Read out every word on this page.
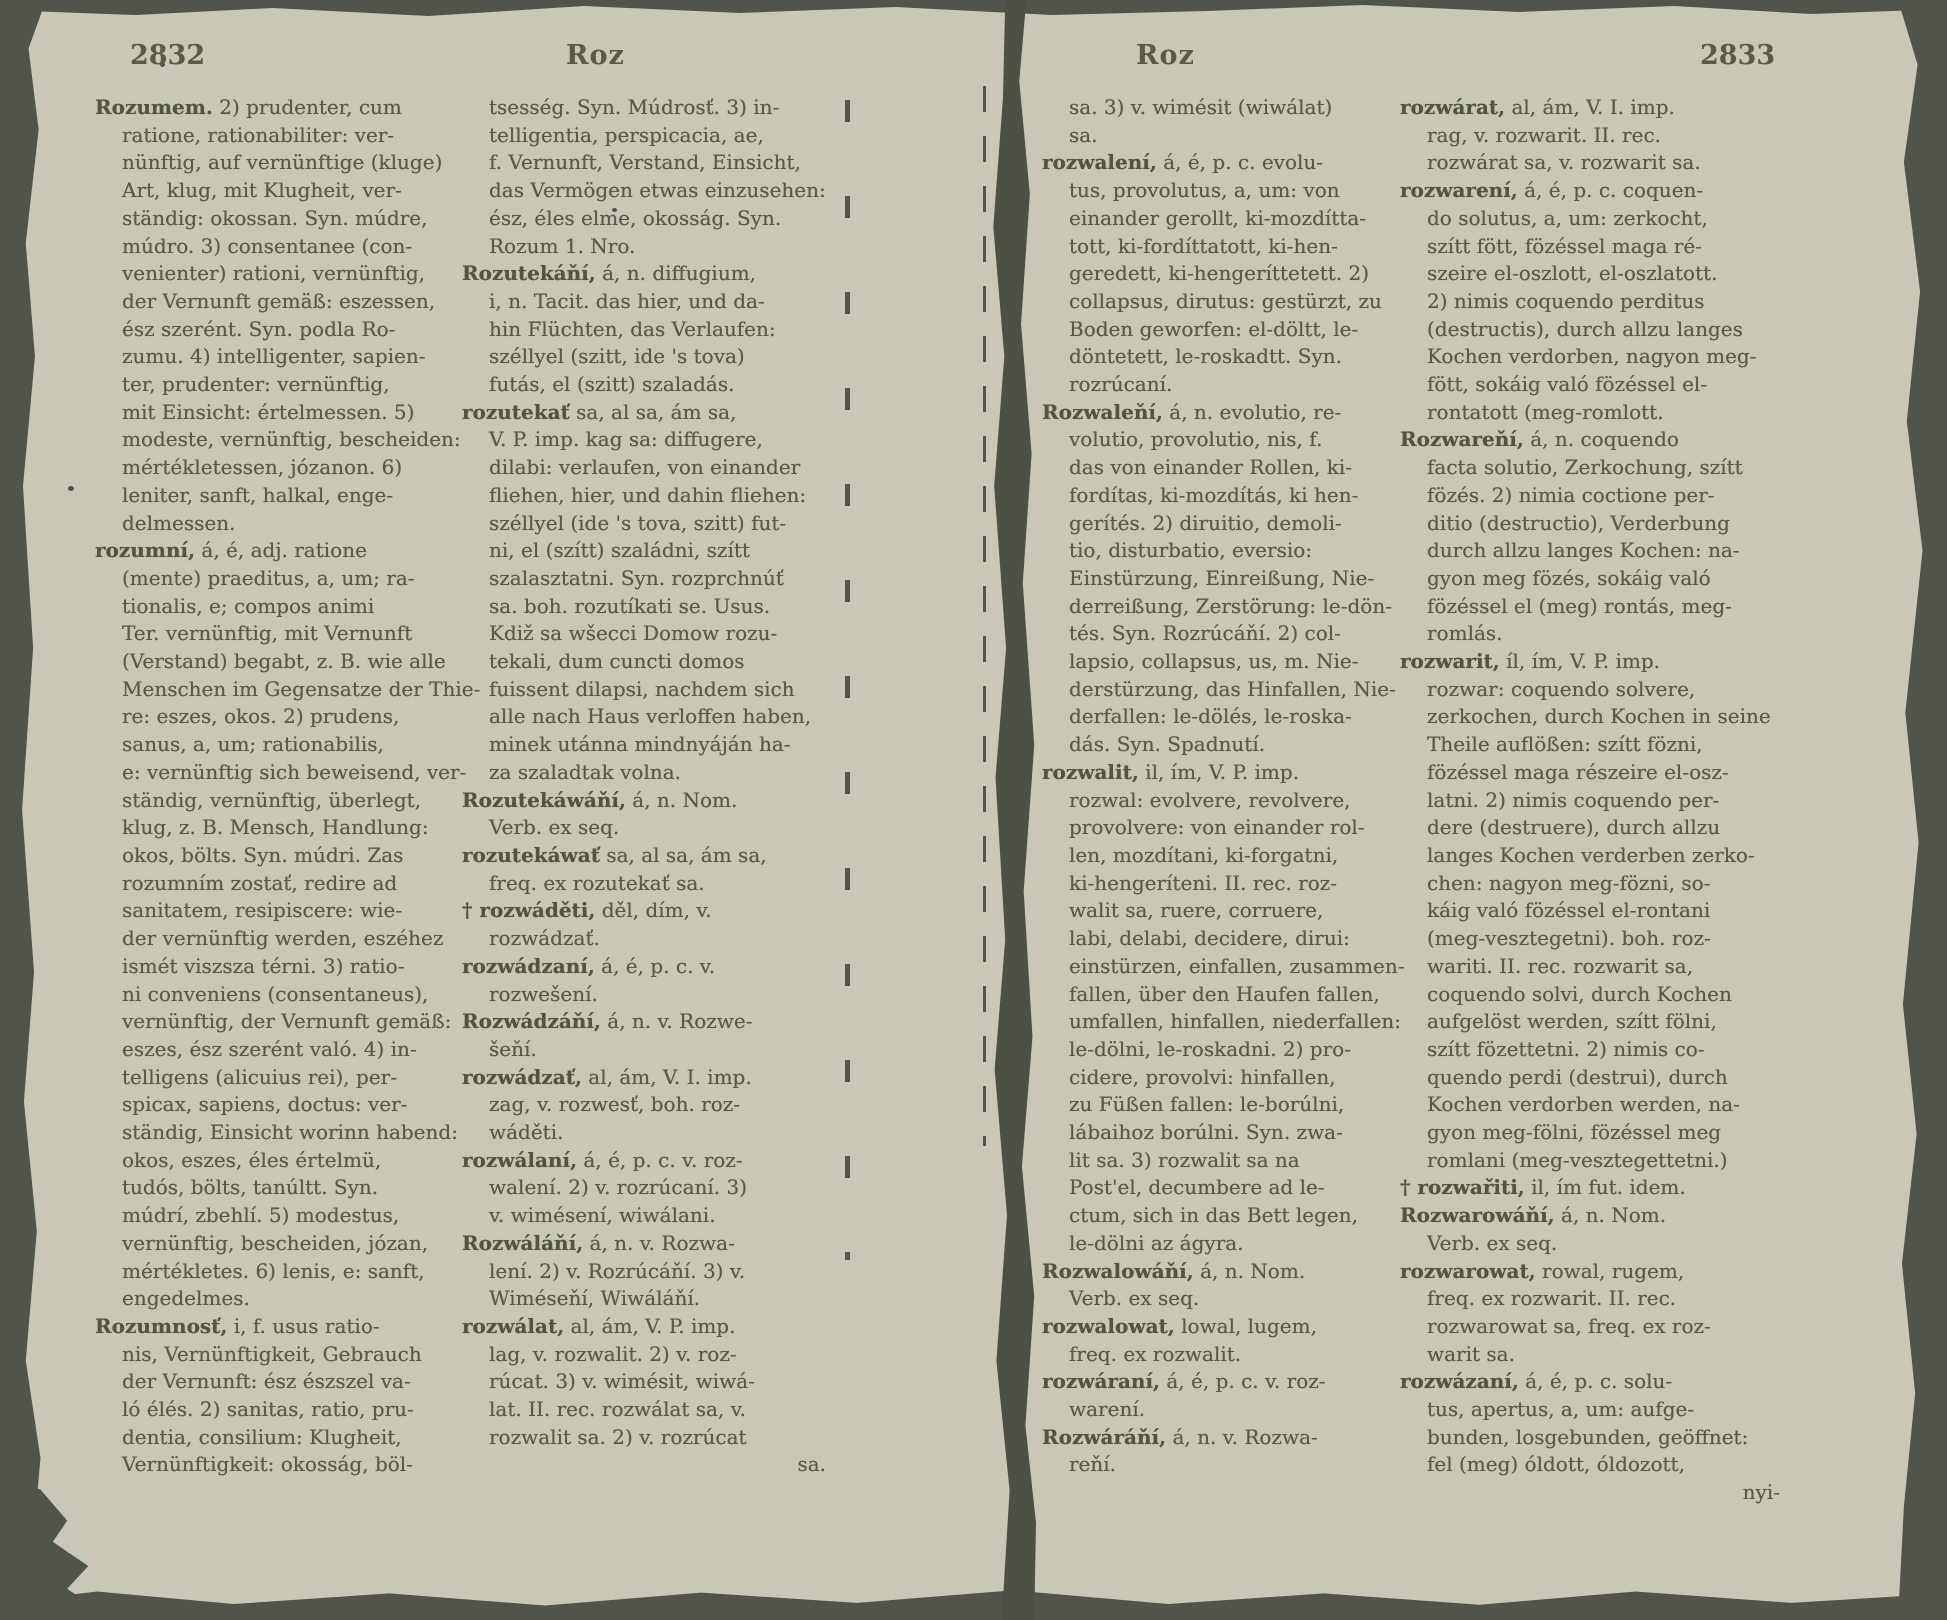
2832	Roz
Rozumem. 2) prudenter, cum
ratione, rationabiliter: ver-
nünftig, auf vernünftige (kluge)
Art, klug, mit Klugheit, ver-
ständig: okossan. Syn. múdre,
múdro. 3) consentanee (con-
venienter) rationi, vernünftig,
der Vernunft gemäß: eszessen,
ész szerént. Syn. podla Ro-
zumu. 4) intelligenter, sapien-
ter, prudenter: vernünftig,
mit Einsicht: értelmessen. 5)
modeste, vernünftig, bescheiden:
mértékletessen, józanon. 6)
leniter, sanft, halkal, enge-
delmessen.
rozumní, á, é, adj. ratione
(mente) praeditus, a, um; ra-
tionalis, e; compos animi
Ter. vernünftig, mit Vernunft
(Verstand) begabt, z. B. wie alle
Menschen im Gegensatze der Thie-
re: eszes, okos. 2) prudens,
sanus, a, um; rationabilis,
e: vernünftig sich beweisend, ver-
ständig, vernünftig, überlegt,
klug, z. B. Mensch, Handlung:
okos, bölts. Syn. múdri. Zas
rozumním zostať, redire ad
sanitatem, resipiscere: wie-
der vernünftig werden, eszéhez
ismét viszsza térni. 3) ratio-
ni conveniens (consentaneus),
vernünftig, der Vernunft gemäß:
eszes, ész szerént való. 4) in-
telligens (alicuius rei), per-
spicax, sapiens, doctus: ver-
ständig, Einsicht worinn habend:
okos, eszes, éles értelmü,
tudós, bölts, tanúltt. Syn.
múdrí, zbehlí. 5) modestus,
vernünftig, bescheiden, józan,
mértékletes. 6) lenis, e: sanft,
engedelmes.
Rozumnosť, i, f. usus ratio-
nis, Vernünftigkeit, Gebrauch
der Vernunft: ész észszel va-
ló élés. 2) sanitas, ratio, pru-
dentia, consilium: Klugheit,
Vernünftigkeit: okosság, böl-
tsesség. Syn. Múdrosť. 3) in-
telligentia, perspicacia, ae,
f. Vernunft, Verstand, Einsicht,
das Vermögen etwas einzusehen:
ész, éles elme, okosság. Syn.
Rozum 1. Nro.
Rozutekáňí, á, n. diffugium,
i, n. Tacit. das hier, und da-
hin Flüchten, das Verlaufen:
széllyel (szitt, ide 's tova)
futás, el (szitt) szaladás.
rozutekať sa, al sa, ám sa,
V. P. imp. kag sa: diffugere,
dilabi: verlaufen, von einander
fliehen, hier, und dahin fliehen:
széllyel (ide 's tova, szitt) fut-
ni, el (szítt) szaládni, szítt
szalasztatni. Syn. rozprchnúť
sa. boh. rozutíkati se. Usus.
Kdiž sa wšecci Domow rozu-
tekali, dum cuncti domos
fuissent dilapsi, nachdem sich
alle nach Haus verloffen haben,
minek utánna mindnyáján ha-
za szaladtak volna.
Rozutekáwáňí, á, n. Nom.
Verb. ex seq.
rozutekáwať sa, al sa, ám sa,
freq. ex rozutekať sa.
† rozwáděti, děl, dím, v.
rozwádzať.
rozwádzaní, á, é, p. c. v.
rozwešení.
Rozwádzáňí, á, n. v. Rozwe-
šeňí.
rozwádzať, al, ám, V. I. imp.
zag, v. rozwesť, boh. roz-
wáděti.
rozwálaní, á, é, p. c. v. roz-
walení. 2) v. rozrúcaní. 3)
v. wimésení, wiwálani.
Rozwáláňí, á, n. v. Rozwa-
lení. 2) v. Rozrúcáňí. 3) v.
Wiméseňí, Wiwáláňí.
rozwálat, al, ám, V. P. imp.
lag, v. rozwalit. 2) v. roz-
rúcat. 3) v. wimésit, wiwá-
lat. II. rec. rozwálat sa, v.
rozwalit sa. 2) v. rozrúcat
sa.
Roz	2833
sa. 3) v. wimésit (wiwálat)
sa.
rozwalení, á, é, p. c. evolu-
tus, provolutus, a, um: von
einander gerollt, ki-mozdítta-
tott, ki-fordíttatott, ki-hen-
geredett, ki-hengeríttetett. 2)
collapsus, dirutus: gestürzt, zu
Boden geworfen: el-döltt, le-
döntetett, le-roskadtt. Syn.
rozrúcaní.
Rozwaleňí, á, n. evolutio, re-
volutio, provolutio, nis, f.
das von einander Rollen, ki-
fordítas, ki-mozdítás, ki hen-
gerítés. 2) diruitio, demoli-
tio, disturbatio, eversio:
Einstürzung, Einreißung, Nie-
derreißung, Zerstörung: le-dön-
tés. Syn. Rozrúcáňí. 2) col-
lapsio, collapsus, us, m. Nie-
derstürzung, das Hinfallen, Nie-
derfallen: le-dölés, le-roska-
dás. Syn. Spadnutí.
rozwalit, il, ím, V. P. imp.
rozwal: evolvere, revolvere,
provolvere: von einander rol-
len, mozdítani, ki-forgatni,
ki-hengeríteni. II. rec. roz-
walit sa, ruere, corruere,
labi, delabi, decidere, dirui:
einstürzen, einfallen, zusammen-
fallen, über den Haufen fallen,
umfallen, hinfallen, niederfallen:
le-dölni, le-roskadni. 2) pro-
cidere, provolvi: hinfallen,
zu Füßen fallen: le-borúlni,
lábaihoz borúlni. Syn. zwa-
lit sa. 3) rozwalit sa na
Post'el, decumbere ad le-
ctum, sich in das Bett legen,
le-dölni az ágyra.
Rozwalowáňí, á, n. Nom.
Verb. ex seq.
rozwalowat, lowal, lugem,
freq. ex rozwalit.
rozwáraní, á, é, p. c. v. roz-
warení.
Rozwáráňí, á, n. v. Rozwa-
reňí.
rozwárat, al, ám, V. I. imp.
rag, v. rozwarit. II. rec.
rozwárat sa, v. rozwarit sa.
rozwarení, á, é, p. c. coquen-
do solutus, a, um: zerkocht,
szítt fött, fözéssel maga ré-
szeire el-oszlott, el-oszlatott.
2) nimis coquendo perditus
(destructis), durch allzu langes
Kochen verdorben, nagyon meg-
fött, sokáig való fözéssel el-
rontatott (meg-romlott.
Rozwareňí, á, n. coquendo
facta solutio, Zerkochung, szítt
fözés. 2) nimia coctione per-
ditio (destructio), Verderbung
durch allzu langes Kochen: na-
gyon meg fözés, sokáig való
fözéssel el (meg) rontás, meg-
romlás.
rozwarit, íl, ím, V. P. imp.
rozwar: coquendo solvere,
zerkochen, durch Kochen in seine
Theile auflößen: szítt fözni,
fözéssel maga részeire el-osz-
latni. 2) nimis coquendo per-
dere (destruere), durch allzu
langes Kochen verderben zerko-
chen: nagyon meg-fözni, so-
káig való fözéssel el-rontani
(meg-vesztegetni). boh. roz-
wariti. II. rec. rozwarit sa,
coquendo solvi, durch Kochen
aufgelöst werden, szítt fölni,
szítt fözettetni. 2) nimis co-
quendo perdi (destrui), durch
Kochen verdorben werden, na-
gyon meg-fölni, fözéssel meg
romlani (meg-vesztegettetni.)
† rozwařiti, il, ím fut. idem.
Rozwarowáňí, á, n. Nom.
Verb. ex seq.
rozwarowat, rowal, rugem,
freq. ex rozwarit. II. rec.
rozwarowat sa, freq. ex roz-
warit sa.
rozwázaní, á, é, p. c. solu-
tus, apertus, a, um: aufge-
bunden, losgebunden, geöffnet:
fel (meg) óldott, óldozott,
nyi-
